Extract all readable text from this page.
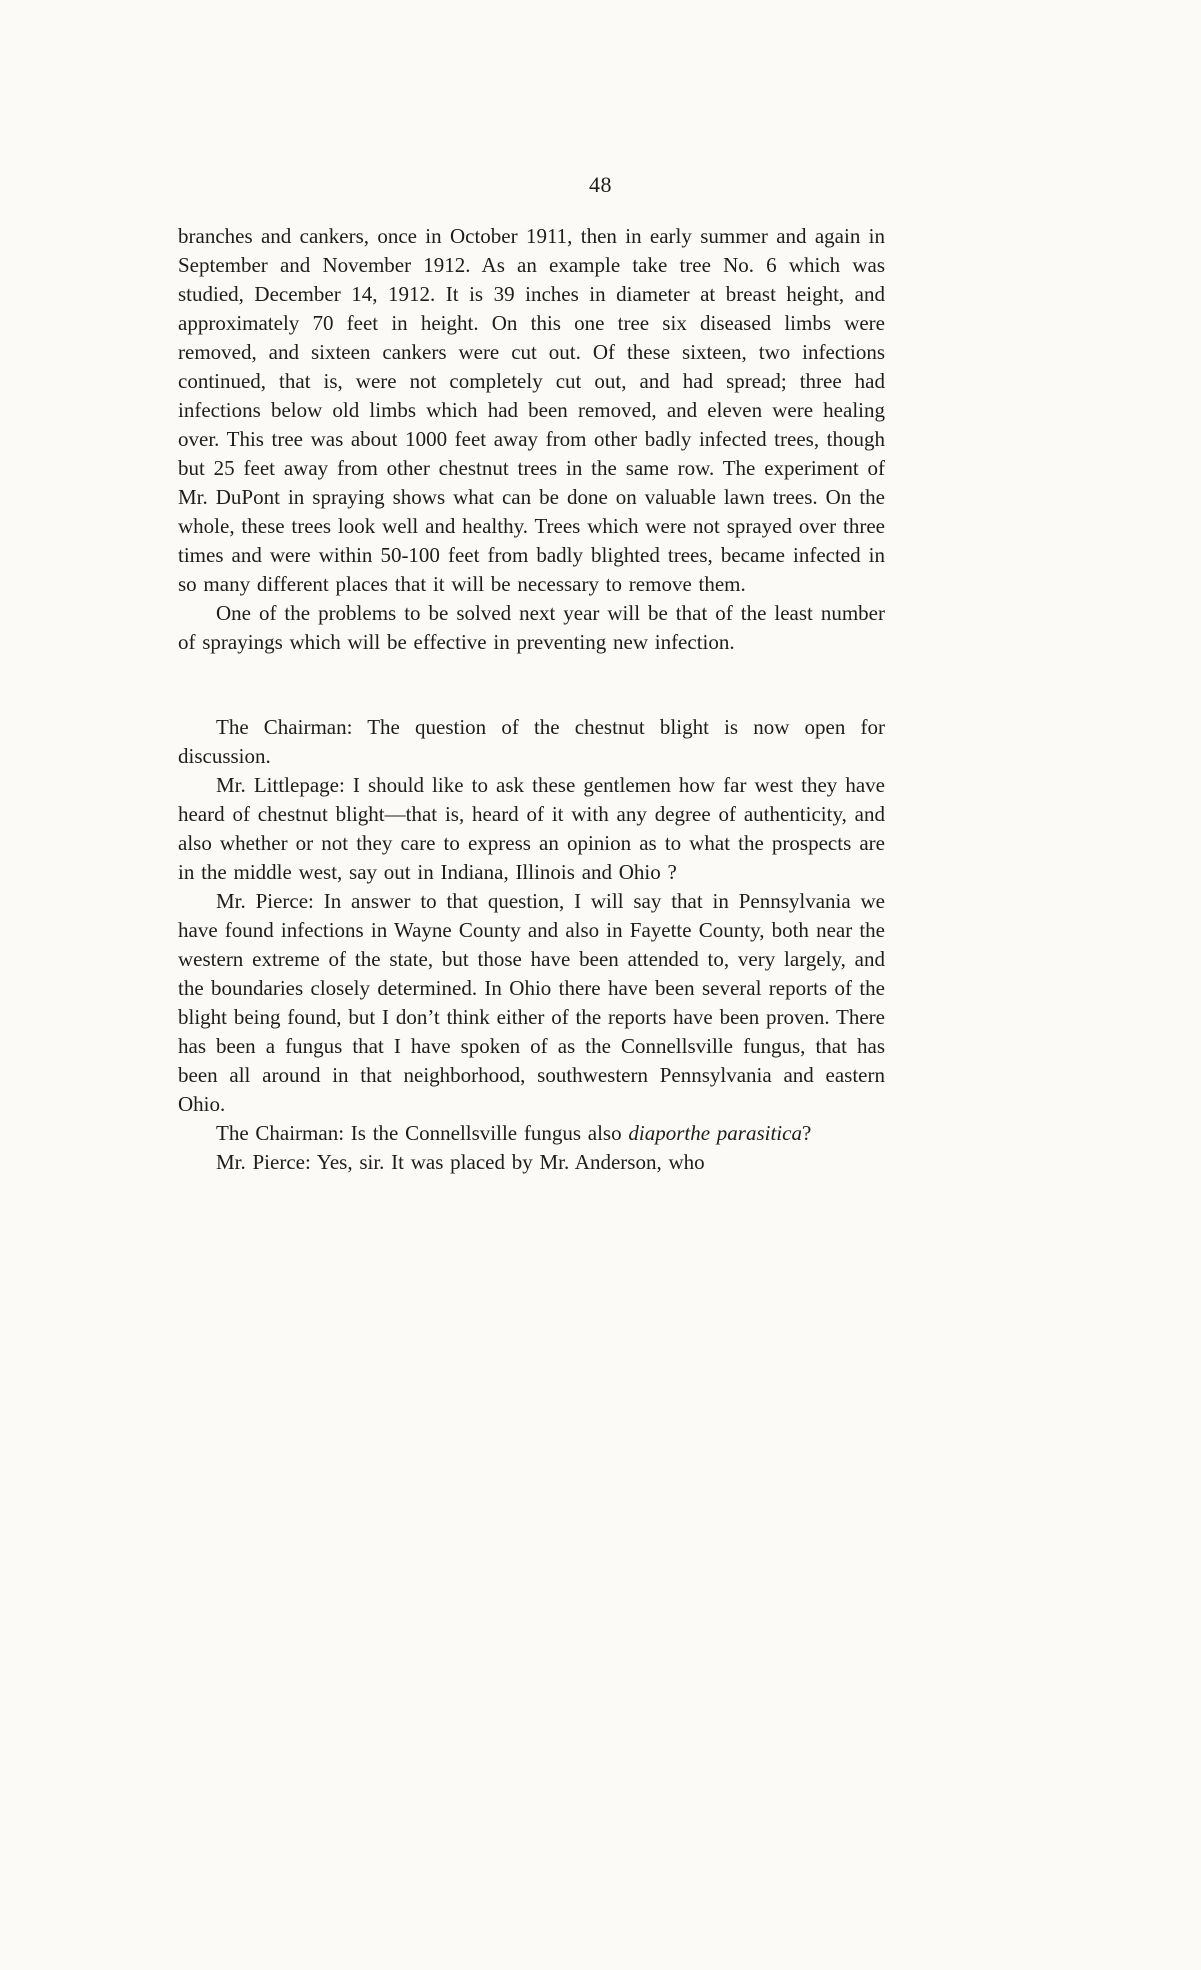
48

branches and cankers, once in October 1911, then in early summer and again in September and November 1912. As an example take tree No. 6 which was studied, December 14, 1912. It is 39 inches in diameter at breast height, and approximately 70 feet in height. On this one tree six diseased limbs were removed, and sixteen cankers were cut out. Of these sixteen, two infections continued, that is, were not completely cut out, and had spread; three had infections below old limbs which had been removed, and eleven were healing over. This tree was about 1000 feet away from other badly infected trees, though but 25 feet away from other chestnut trees in the same row. The experiment of Mr. DuPont in spraying shows what can be done on valuable lawn trees. On the whole, these trees look well and healthy. Trees which were not sprayed over three times and were within 50-100 feet from badly blighted trees, became infected in so many different places that it will be necessary to remove them.

One of the problems to be solved next year will be that of the least number of sprayings which will be effective in preventing new infection.

The Chairman: The question of the chestnut blight is now open for discussion.

Mr. Littlepage: I should like to ask these gentlemen how far west they have heard of chestnut blight—that is, heard of it with any degree of authenticity, and also whether or not they care to express an opinion as to what the prospects are in the middle west, say out in Indiana, Illinois and Ohio ?

Mr. Pierce: In answer to that question, I will say that in Pennsylvania we have found infections in Wayne County and also in Fayette County, both near the western extreme of the state, but those have been attended to, very largely, and the boundaries closely determined. In Ohio there have been several reports of the blight being found, but I don’t think either of the reports have been proven. There has been a fungus that I have spoken of as the Connellsville fungus, that has been all around in that neighborhood, southwestern Pennsylvania and eastern Ohio.

The Chairman: Is the Connellsville fungus also diaporthe parasitica?

Mr. Pierce: Yes, sir. It was placed by Mr. Anderson, who
